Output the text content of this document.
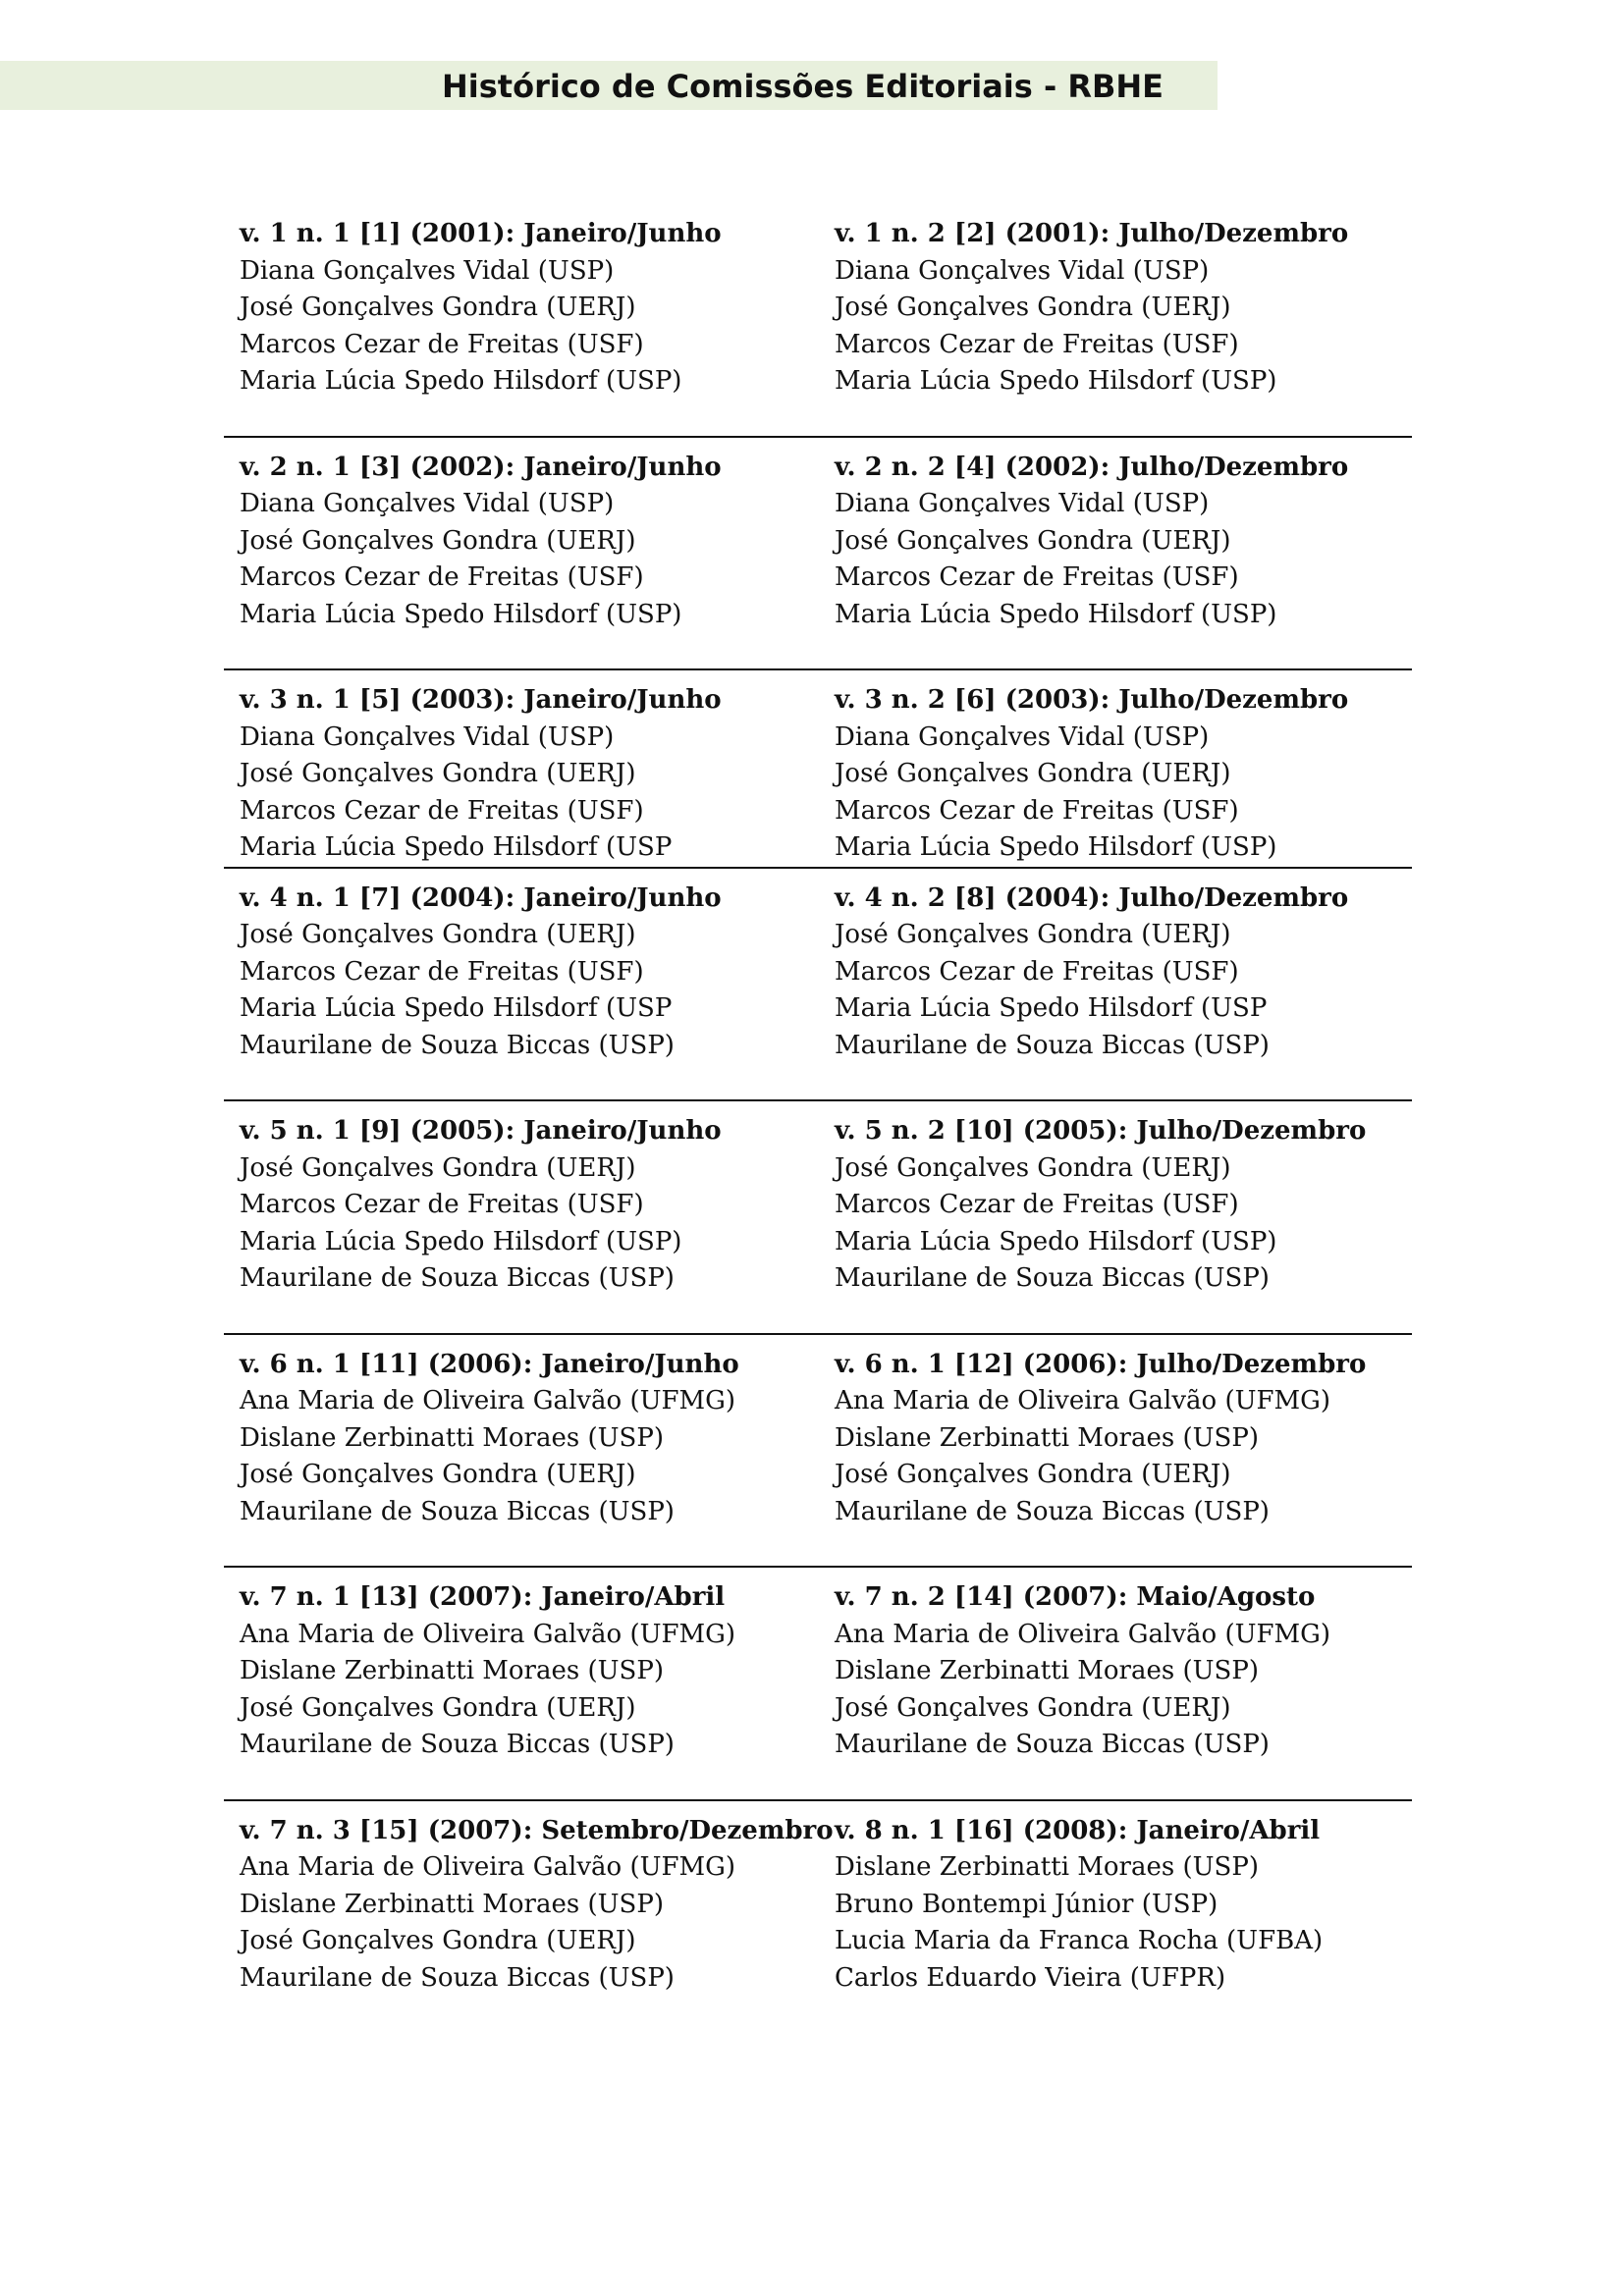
Histórico de Comissões Editoriais - RBHE
v. 1 n. 1 [1] (2001): Janeiro/Junho
Diana Gonçalves Vidal (USP)
José Gonçalves Gondra (UERJ)
Marcos Cezar de Freitas (USF)
Maria Lúcia Spedo Hilsdorf (USP)
v. 1 n. 2 [2] (2001): Julho/Dezembro
Diana Gonçalves Vidal (USP)
José Gonçalves Gondra (UERJ)
Marcos Cezar de Freitas (USF)
Maria Lúcia Spedo Hilsdorf (USP)
v. 2 n. 1 [3] (2002): Janeiro/Junho
Diana Gonçalves Vidal (USP)
José Gonçalves Gondra (UERJ)
Marcos Cezar de Freitas (USF)
Maria Lúcia Spedo Hilsdorf (USP)
v. 2 n. 2 [4] (2002): Julho/Dezembro
Diana Gonçalves Vidal (USP)
José Gonçalves Gondra (UERJ)
Marcos Cezar de Freitas (USF)
Maria Lúcia Spedo Hilsdorf (USP)
v. 3 n. 1 [5] (2003): Janeiro/Junho
Diana Gonçalves Vidal (USP)
José Gonçalves Gondra (UERJ)
Marcos Cezar de Freitas (USF)
Maria Lúcia Spedo Hilsdorf (USP
v. 3 n. 2 [6] (2003): Julho/Dezembro
Diana Gonçalves Vidal (USP)
José Gonçalves Gondra (UERJ)
Marcos Cezar de Freitas (USF)
Maria Lúcia Spedo Hilsdorf (USP)
v. 4 n. 1 [7] (2004): Janeiro/Junho
José Gonçalves Gondra (UERJ)
Marcos Cezar de Freitas (USF)
Maria Lúcia Spedo Hilsdorf (USP
Maurilane de Souza Biccas (USP)
v. 4 n. 2 [8] (2004): Julho/Dezembro
José Gonçalves Gondra (UERJ)
Marcos Cezar de Freitas (USF)
Maria Lúcia Spedo Hilsdorf (USP
Maurilane de Souza Biccas (USP)
v. 5 n. 1 [9] (2005): Janeiro/Junho
José Gonçalves Gondra (UERJ)
Marcos Cezar de Freitas (USF)
Maria Lúcia Spedo Hilsdorf (USP)
Maurilane de Souza Biccas (USP)
v. 5 n. 2 [10] (2005): Julho/Dezembro
José Gonçalves Gondra (UERJ)
Marcos Cezar de Freitas (USF)
Maria Lúcia Spedo Hilsdorf (USP)
Maurilane de Souza Biccas (USP)
v. 6 n. 1 [11] (2006): Janeiro/Junho
Ana Maria de Oliveira Galvão (UFMG)
Dislane Zerbinatti Moraes (USP)
José Gonçalves Gondra (UERJ)
Maurilane de Souza Biccas (USP)
v. 6 n. 1 [12] (2006): Julho/Dezembro
Ana Maria de Oliveira Galvão (UFMG)
Dislane Zerbinatti Moraes (USP)
José Gonçalves Gondra (UERJ)
Maurilane de Souza Biccas (USP)
v. 7 n. 1 [13] (2007): Janeiro/Abril
Ana Maria de Oliveira Galvão (UFMG)
Dislane Zerbinatti Moraes (USP)
José Gonçalves Gondra (UERJ)
Maurilane de Souza Biccas (USP)
v. 7 n. 2 [14] (2007): Maio/Agosto
Ana Maria de Oliveira Galvão (UFMG)
Dislane Zerbinatti Moraes (USP)
José Gonçalves Gondra (UERJ)
Maurilane de Souza Biccas (USP)
v. 7 n. 3 [15] (2007): Setembro/Dezembro
Ana Maria de Oliveira Galvão (UFMG)
Dislane Zerbinatti Moraes (USP)
José Gonçalves Gondra (UERJ)
Maurilane de Souza Biccas (USP)
v. 8 n. 1 [16] (2008): Janeiro/Abril
Dislane Zerbinatti Moraes (USP)
Bruno Bontempi Júnior (USP)
Lucia Maria da Franca Rocha (UFBA)
Carlos Eduardo Vieira (UFPR)
